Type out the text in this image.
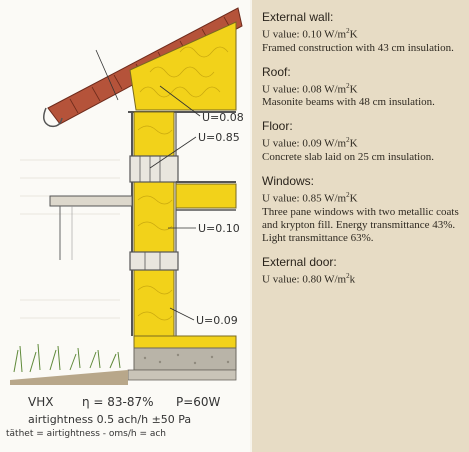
U=0.08
U=0.85
U=0.10
U=0.09
VHX η = 83-87% P=60W
airtightness 0.5 ach/h ±50 Pa
täthet = airtightness - oms/h = ach
External wall:
U value: 0.10 $W/m^2K$
Framed construction with 43 cm insulation.
Roof:
U value: 0.08 $W/m^2K$
Masonite beams with 48 cm insulation.
Floor:
U value: 0.09 $W/m^2K$
Concrete slab laid on 25 cm insulation.
Windows:
U value: 0.85 $W/m^2K$
Three pane windows with two metallic coats and krypton fill. Energy transmittance 43%. Light transmittance 63%.
External door:
U value: 0.80 $W/m^2k$
